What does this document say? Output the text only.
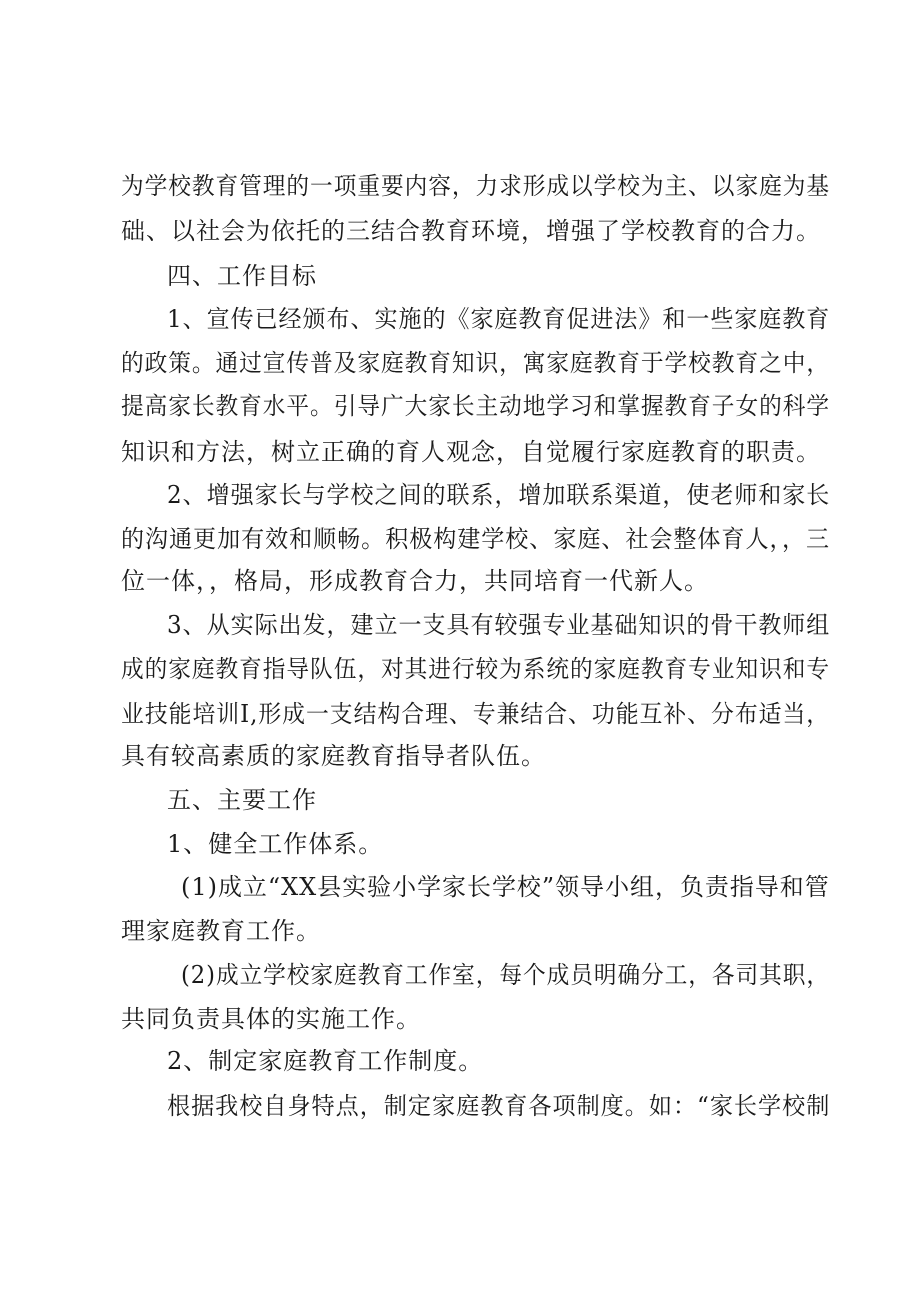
为学校教育管理的一项重要内容，力求形成以学校为主、以家庭为基
础、以社会为依托的三结合教育环境，增强了学校教育的合力。
四、工作目标
1、宣传已经颁布、实施的《家庭教育促进法》和一些家庭教育
的政策。通过宣传普及家庭教育知识，寓家庭教育于学校教育之中，
提高家长教育水平。引导广大家长主动地学习和掌握教育子女的科学
知识和方法，树立正确的育人观念，自觉履行家庭教育的职责。
2、增强家长与学校之间的联系，增加联系渠道，使老师和家长
的沟通更加有效和顺畅。积极构建学校、家庭、社会整体育人，，三
位一体，，格局，形成教育合力，共同培育一代新人。
3、从实际出发，建立一支具有较强专业基础知识的骨干教师组
成的家庭教育指导队伍，对其进行较为系统的家庭教育专业知识和专
业技能培训I,形成一支结构合理、专兼结合、功能互补、分布适当，
具有较高素质的家庭教育指导者队伍。
五、主要工作
1、健全工作体系。
(1)成立“XX县实验小学家长学校”领导小组，负责指导和管
理家庭教育工作。
(2)成立学校家庭教育工作室，每个成员明确分工，各司其职，
共同负责具体的实施工作。
2、制定家庭教育工作制度。
根据我校自身特点，制定家庭教育各项制度。如：“家长学校制
